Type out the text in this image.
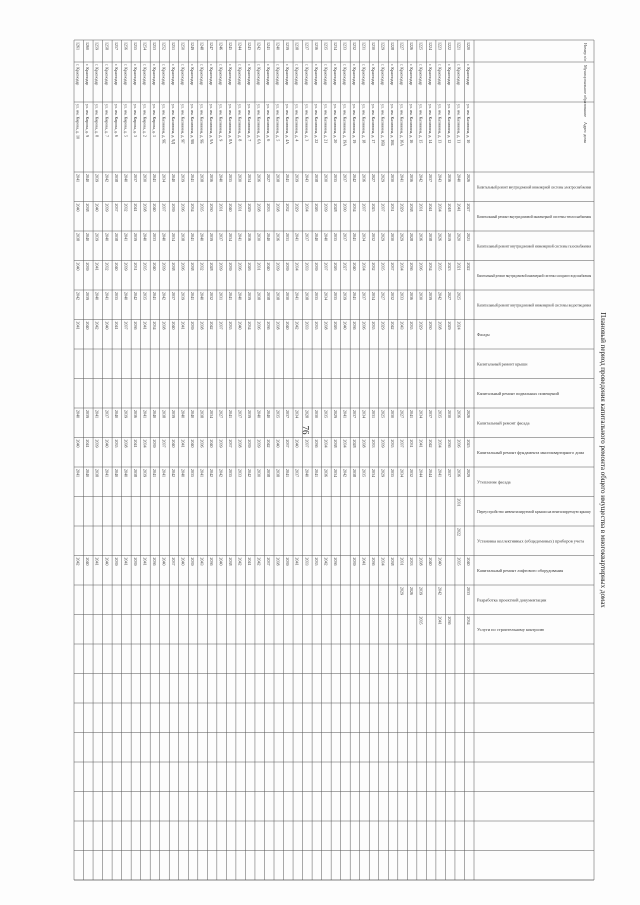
76	Плановый период проведения капитального ремонта общего имущества в многоквартирных домах
Номер п/п
Муниципальное образование
Адрес дома
Капитальный ремонт внутридомовой инженерной системы электроснабжения
Капитальный ремонт внутридомовой инженерной системы теплоснабжения
Капитальный ремонт внутридомовой инженерной системы газоснабжения
Капитальный ремонт внутридомовой инженерной системы холодного водоснабжения
Капитальный ремонт внутридомовой инженерной системы водоотведения
Фасады
Капитальный ремонт крыши
Капитальный ремонт подвальных помещений
Капитальный ремонт фасада
Капитальный ремонт фундамента многоквартирного дома
Утепление фасада
Переустройство невентилируемой крыши на вентилируемую крышу
Установка коллективных (общедомовых) приборов учета
Капитальный ремонт лифтового оборудования
Разработка проектной документации
Услуги по строительному контролю
1220
г. Краснодар
ул. им. Калинина, д. 10
2026
2027
2021
2022
2026
2025
2029
2040
2033
2034
1221
г. Краснодар
ул. им. Калинина, д. 11
2040
2041
2020
2021
2025
2024
2036
2036
2036
2031
2022
2035
1222
г. Краснодар
ул. им. Калинина, д. 12
2036
2018
2019
2023
2027
2029
2030
2036
2037
2036
1223
г. Краснодар
ул. им. Калинина, д. 13
2043
2034
2026
2035
2042
2038
2035
2034
2041
2040
2042
2041
1224
г. Краснодар
ул. им. Калинина, д. 14
2037
2041
2038
2034
2039
2030
2037
2042
2044
2040
1225
г. Краснодар
ул. им. Калинина, д. 15
2042
2031
2036
2036
2030
2029
2034
2041
2044
2038
2039
2035
1226
г. Краснодар
ул. им. Калинина, д. 16
2036
2038
2028
2036
2036
2035
2041
2031
2032
2033
2026
1227
г. Краснодар
ул. им. Калинина, д. 16А
2041
2029
2029
2034
2033
2043
2027
2037
2034
2031
2029
1228
г. Краснодар
ул. им. Калинина, д. 16Б
2030
2031
2030
2037
2032
2042
2030
2035
2035
2038
1229
г. Краснодар
ул. им. Калинина, д. 16В
2029
2037
2029
2035
2027
2029
2025
2039
2029
2034
1230
г. Краснодар
ул. им. Калинина, д. 17
2027
2025
2032
2032
2034
2035
2031
2033
2034
2036
1231
г. Краснодар
ул. им. Калинина, д. 18
2036
2037
2034
2034
2037
2036
2034
2038
2035
2041
1232
г. Краснодар
ул. им. Калинина, д. 19
2042
2034
2041
2040
2041
2036
2037
2028
2038
2039
1233
г. Краснодар
ул. им. Калинина, д. 19А
2037
2030
2037
2027
2039
2040
2041
2034
2042
1234
г. Краснодар
ул. им. Калинина, д. 20
2035
2028
2035
2026
2035
2026
2029
2038
2034
2036
1235
г. Краснодар
ул. им. Калинина, д. 21
2030
2039
2040
2037
2034
2038
2035
2034
2036
2042
1236
г. Краснодар
ул. им. Калинина, д. 22
2038
2026
2040
2039
2035
2035
2030
2036
2041
2035
1237
г. Краснодар
ул. им. Калинина, д. 3
2043
2034
2037
2033
2038
2033
2028
2037
2040
2033
1238
г. Краснодар
ул. им. Калинина, д. 4
2039
2029
2041
2034
2041
2042
2034
2040
2037
2041
1239
г. Краснодар
ул. им. Калинина, д. 4А
2041
2032
2031
2039
2030
2040
2037
2037
2041
2039
1240
г. Краснодар
ул. им. Калинина, д. 5
2038
2038
2036
2039
2038
2038
2035
2040
2038
2038
1241
г. Краснодар
ул. им. Калинина, д. 6
2027
2033
2040
2040
2038
2036
2040
2042
2038
2037
1242
г. Краснодар
ул. им. Калинина, д. 6А
2036
2038
2030
2031
2038
2036
2040
2039
2030
2042
1243
г. Краснодар
ул. им. Калинина, д. 7
2034
2029
2036
2026
2039
2034
2039
2039
2042
2041
1244
г. Краснодар
ул. им. Калинина, д. 8
2030
2031
2041
2036
2040
2040
2037
2038
2033
2042
1245
г. Краснодар
ул. им. Калинина, д. 8А
2035
2040
2034
2039
2041
2035
2041
2037
2035
2038
1246
г. Краснодар
ул. им. Калинина, д. 9
2040
2031
2037
2039
2031
2037
2027
2039
2042
2040
1247
г. Краснодар
ул. им. Калинина, д. 9А
2036
2030
2039
2028
2032
2042
2034
2040
2042
2036
1248
г. Краснодар
ул. им. Калинина, д. 9Б
2038
2035
2040
2032
2040
2038
2038
2036
2041
2043
1249
г. Краснодар
ул. им. Калинина, д. 9В
2041
2034
2041
2038
2041
2039
2040
2040
2035
2039
1250
г. Краснодар
ул. им. Калинина, д. 9Г
2039
2036
2038
2036
2039
2041
2040
2041
2040
2040
1251
г. Краснодар
ул. им. Калинина, д. 9Д
2040
2039
2034
2038
2037
2040
2039
2040
2042
2037
1252
г. Краснодар
ул. им. Калинина, д. 9Е
2034
2037
2040
2039
2042
2038
2038
2037
2041
2040
1253
г. Краснодар
ул. им. Кирова, д. 1
2041
2040
2033
2040
2041
2034
2040
2039
2041
2036
1254
г. Краснодар
ул. им. Кирова, д. 2
2030
2038
2040
2035
2035
2041
2041
2034
2039
2041
1255
г. Краснодар
ул. им. Кирова, д. 3
2037
2041
2039
2031
2042
2036
2036
2041
2038
2039
1256
г. Краснодар
ул. им. Кирова, д. 5
2040
2032
2041
2039
2040
2037
2039
2038
2040
2041
1257
г. Краснодар
ул. им. Кирова, д. 6
2038
2037
2038
2040
2035
2041
2040
2035
2040
2039
1258
г. Краснодар
ул. им. Кирова, д. 7
2042
2039
2040
2032
2041
2040
2037
2040
2041
2040
1259
г. Краснодар
ул. им. Кирова, д. 8
2039
2040
2039
2041
2040
2042
2041
2039
2038
2041
1260
г. Краснодар
ул. им. Кирова, д. 9
2040
2038
2040
2039
2039
2040
2039
2041
2040
2040
1261
г. Краснодар
ул. им. Кирова, д. 10
2041
2040
2038
2040
2042
2041
2040
2040
2041
2042
